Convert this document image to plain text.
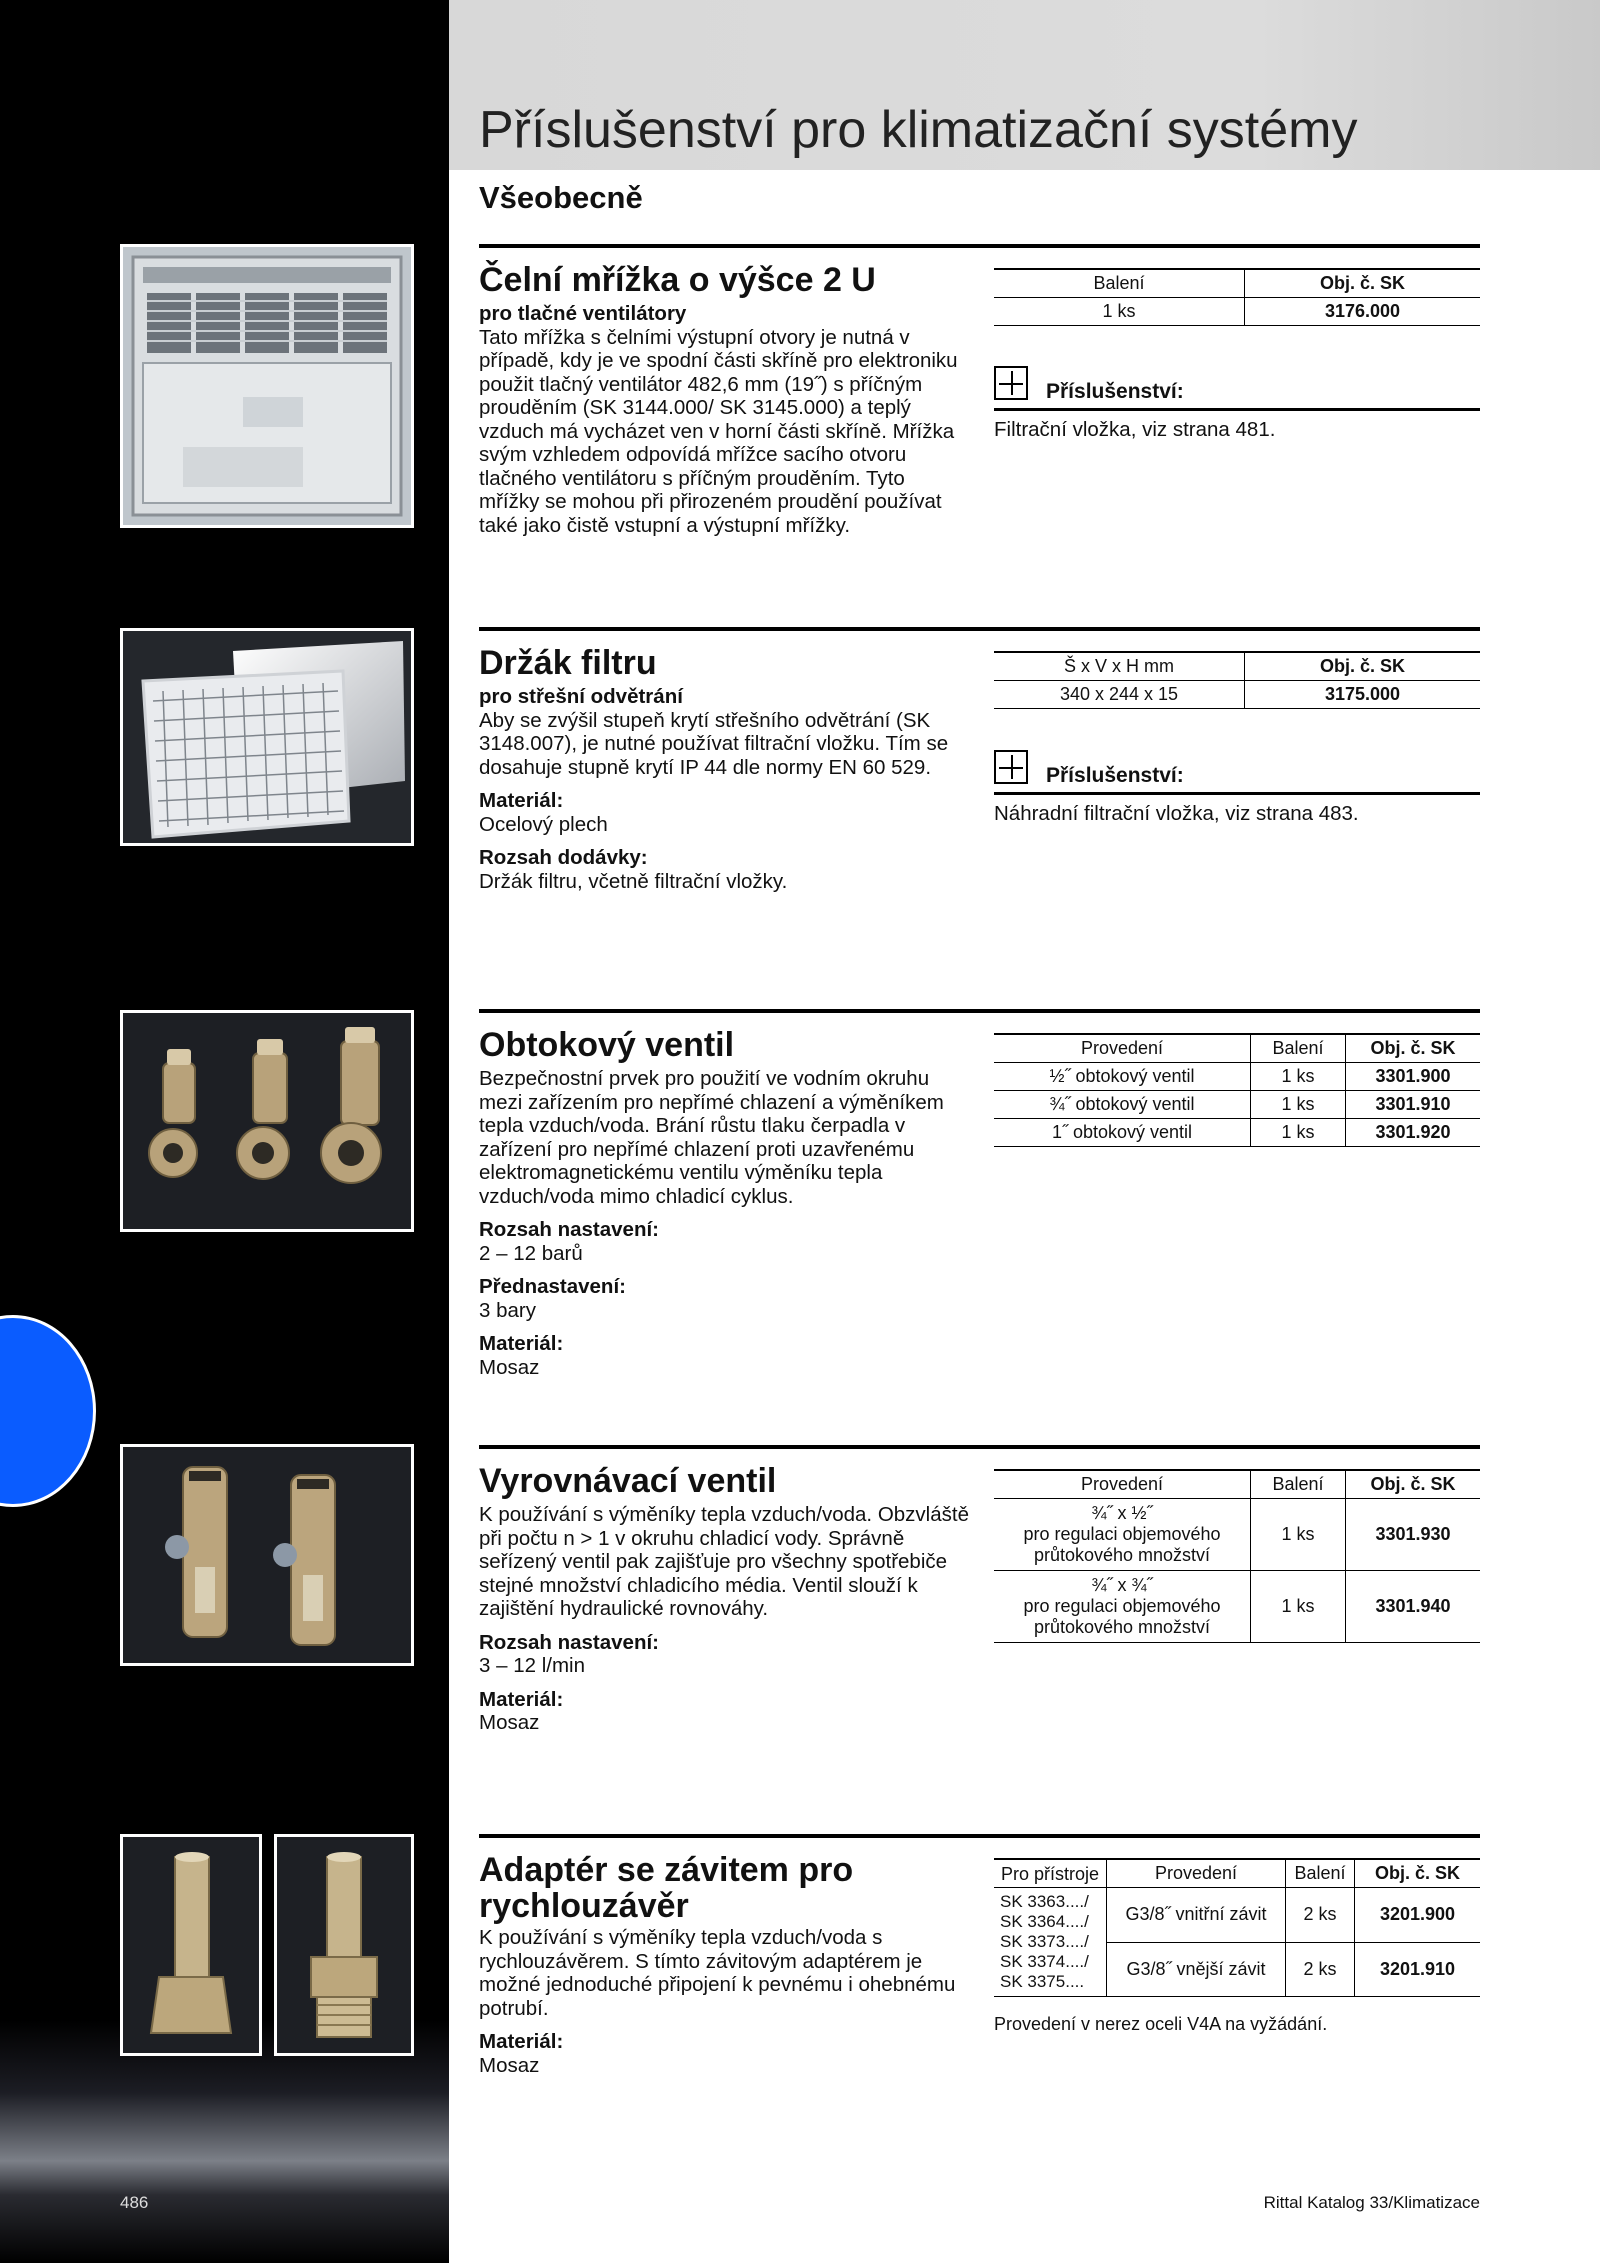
Příslušenství pro klimatizační systémy
Všeobecně
Čelní mřížka o výšce 2 U

pro tlačné ventilátory

Tato mřížka s čelními výstupní otvory je nutná v případě, kdy je ve spodní části skříně pro elektroniku použit tlačný ventilátor 482,6 mm (19˝) s příčným prouděním (SK 3144.000/ SK 3145.000) a teplý vzduch má vycházet ven v horní části skříně. Mřížka svým vzhledem odpovídá mřížce sacího otvoru tlačného ventilátoru s příčným prouděním. Tyto mřížky se mohou při přirozeném proudění používat také jako čistě vstupní a výstupní mřížky.

Balení	Obj. č. SK
1 ks	3176.000
Příslušenství:
Filtrační vložka, viz strana 481.
Držák filtru

pro střešní odvětrání

Aby se zvýšil stupeň krytí střešního odvětrání (SK 3148.007), je nutné používat filtrační vložku. Tím se dosahuje stupně krytí IP 44 dle normy EN 60 529.

Materiál:

Ocelový plech

Rozsah dodávky:

Držák filtru, včetně filtrační vložky.

Š x V x H mm	Obj. č. SK
340 x 244 x 15	3175.000
Příslušenství:
Náhradní filtrační vložka, viz strana 483.
Obtokový ventil

Bezpečnostní prvek pro použití ve vodním okruhu mezi zařízením pro nepřímé chlazení a výměníkem tepla vzduch/voda. Brání růstu tlaku čerpadla v zařízení pro nepřímé chlazení proti uzavřenému elektromagnetickému ventilu výměníku tepla vzduch/voda mimo chladicí cyklus.

Rozsah nastavení:

2 – 12 barů

Přednastavení:

3 bary

Materiál:

Mosaz

Provedení	Balení	Obj. č. SK
½˝ obtokový ventil	1 ks	3301.900
¾˝ obtokový ventil	1 ks	3301.910
1˝ obtokový ventil	1 ks	3301.920
Vyrovnávací ventil

K používání s výměníky tepla vzduch/voda. Obzvláště při počtu n > 1 v okruhu chladicí vody. Správně seřízený ventil pak zajišťuje pro všechny spotřebiče stejné množství chladicího média. Ventil slouží k zajištění hydraulické rovnováhy.

Rozsah nastavení:

3 – 12 l/min

Materiál:

Mosaz

Provedení	Balení	Obj. č. SK

¾˝ x ½˝
pro regulaci objemového průtokového množství	1 ks	3301.930

¾˝ x ¾˝
pro regulaci objemového průtokového množství	1 ks	3301.940
Adaptér se závitem pro rychlouzávěr

K používání s výměníky tepla vzduch/voda s rychlouzávěrem. S tímto závitovým adaptérem je možné jednoduché připojení k pevnému i ohebnému potrubí.

Materiál:

Mosaz

Pro přístroje	Provedení	Balení	Obj. č. SK
SK 3363..../ SK 3364..../ SK 3373..../ SK 3374..../ SK 3375....	G3/8˝ vnitřní závit	2 ks	3201.900
	G3/8˝ vnější závit	2 ks	3201.910
Provedení v nerez oceli V4A na vyžádání.
486	Rittal Katalog 33/Klimatizace
